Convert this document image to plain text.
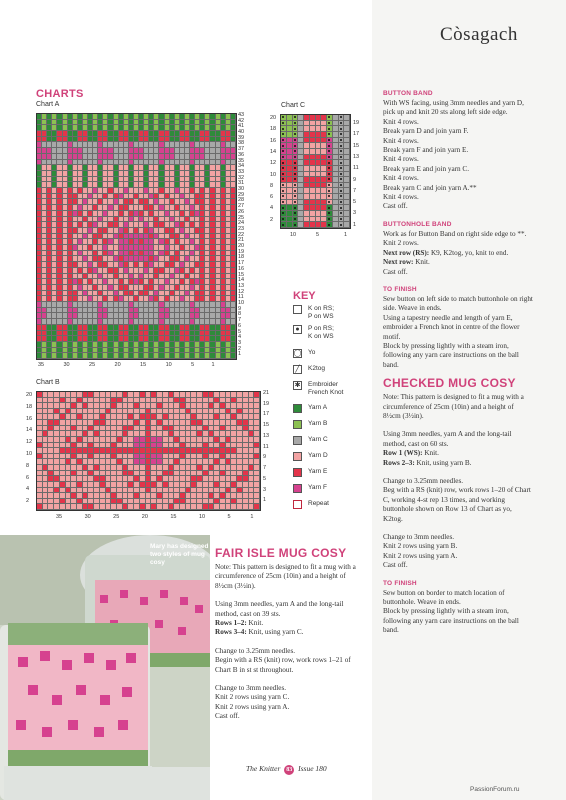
Còsagach
CHARTS
Chart A	Chart C
Chart B
KEY
Mary has designed two styles of mug cosy
FAIR ISLE MUG COSY

Note: This pattern is designed to fit a mug with a circumference of 25cm (10in) and a height of 8½cm (3½in).

Using 3mm needles, yarn A and the long-tail method, cast on 39 sts.

Rows 1–2: Knit.

Rows 3–4: Knit, using yarn C.

Change to 3.25mm needles.

Begin with a RS (knit) row, work rows 1–21 of Chart B in st st throughout.

Change to 3mm needles.

Knit 2 rows using yarn C.

Knit 2 rows using yarn A.

Cast off.

BUTTON BAND

With WS facing, using 3mm needles and yarn D, pick up and knit 20 sts along left side edge.

Knit 4 rows.

Break yarn D and join yarn F.

Knit 4 rows.

Break yarn F and join yarn E.

Knit 4 rows.

Break yarn E and join yarn C.

Knit 4 rows.

Break yarn C and join yarn A.**

Knit 4 rows.

Cast off.

BUTTONHOLE BAND

Work as for Button Band on right side edge to **.

Knit 2 rows.

Next row (RS): K9, K2tog, yo, knit to end.

Next row: Knit.

Cast off.

TO FINISH

Sew button on left side to match buttonhole on right side. Weave in ends.

Using a tapestry needle and length of yarn E, embroider a French knot in centre of the flower motif.

Block by pressing lightly with a steam iron, following any yarn care instructions on the ball band.

CHECKED MUG COSY

Note: This pattern is designed to fit a mug with a circumference of 25cm (10in) and a height of 8½cm (3½in).

Using 3mm needles, yarn A and the long-tail method, cast on 60 sts.

Row 1 (WS): Knit.

Rows 2–3: Knit, using yarn B.

Change to 3.25mm needles.

Beg with a RS (knit) row, work rows 1–20 of Chart C, working 4-st rep 13 times, and working buttonhole shown on Row 13 of Chart as yo, K2tog.

Change to 3mm needles.

Knit 2 rows using yarn B.

Knit 2 rows using yarn A.

Cast off.

TO FINISH

Sew button on border to match location of buttonhole. Weave in ends.

Block by pressing lightly with a steam iron, following any yarn care instructions on the ball band.

The Knitter 83 Issue 180
PassionForum.ru
43
42
41
40
39
38
37
36
35
34
33
32
31
30
29
28
27
26
25
24
23
22
21
20
19
18
17
16
15
14
13
12
11
10
9
8
7
6
5
4
3
2
1
35	30	25	20	15	10	5	1
20
18
16
14
12
10
8
6
4
2
19
17
15
13
11
9
7
5
3
1
10	5	1
20
18
16
14
12
10
8
6
4
2
21
19
17
15
13
11
9
7
5
3
1
35	30	25	20	15	10	5	1
K on RS;
P on WS
●	P on RS;
K on WS
◯ Yo
╱	K2tog
✱ Embroider
French Knot
Yarn A
Yarn B
Yarn C
Yarn D
Yarn E
Yarn F
Repeat
